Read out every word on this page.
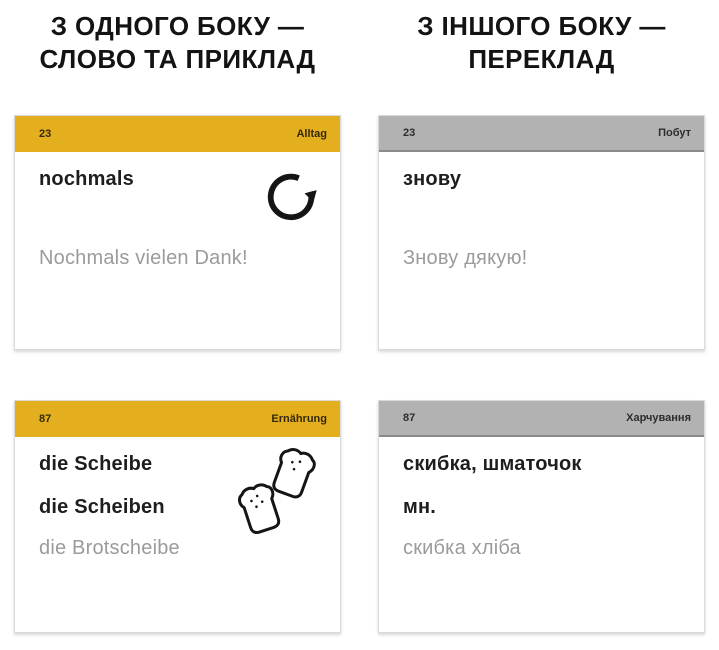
З ОДНОГО БОКУ —
СЛОВО ТА ПРИКЛАД
З ІНШОГО БОКУ —
ПЕРЕКЛАД
23	Alltag
nochmals
Nochmals vielen Dank!
23	Побут
знову
Знову дякую!
87	Ernährung
die Scheibe
die Scheiben
die Brotscheibe
87	Харчування
скибка, шматочок
мн.
скибка хліба
